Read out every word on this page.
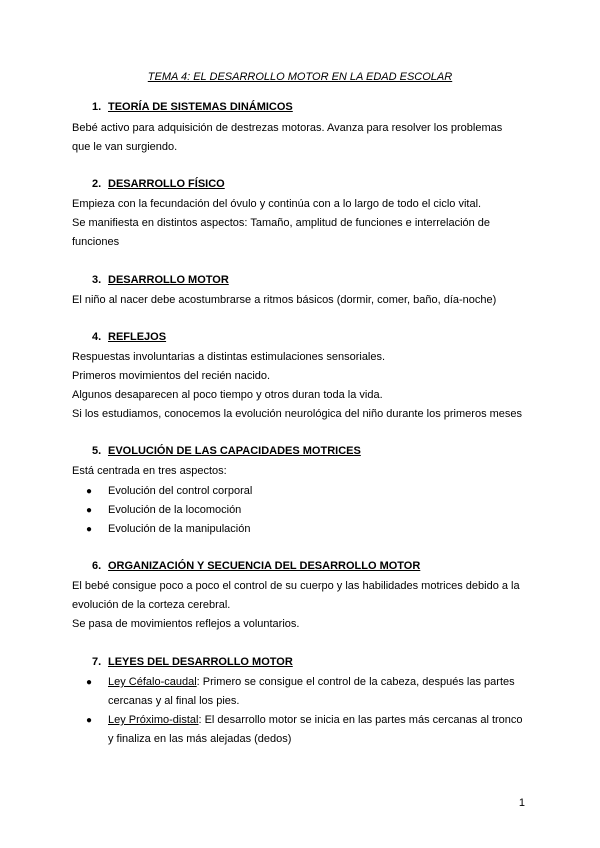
TEMA 4: EL DESARROLLO MOTOR EN LA EDAD ESCOLAR
1. TEORÍA DE SISTEMAS DINÁMICOS
Bebé activo para adquisición de destrezas motoras. Avanza para resolver los problemas
que le van surgiendo.
2. DESARROLLO FÍSICO
Empieza con la fecundación del óvulo y continúa con a lo largo de todo el ciclo vital.
Se manifiesta en distintos aspectos: Tamaño, amplitud de funciones e interrelación de
funciones
3. DESARROLLO MOTOR
El niño al nacer debe acostumbrarse a ritmos básicos (dormir, comer, baño, día-noche)
4. REFLEJOS
Respuestas involuntarias a distintas estimulaciones sensoriales.
Primeros movimientos del recién nacido.
Algunos desaparecen al poco tiempo y otros duran toda la vida.
Si los estudiamos, conocemos la evolución neurológica del niño durante los primeros meses
5. EVOLUCIÓN DE LAS CAPACIDADES MOTRICES
Está centrada en tres aspectos:
● Evolución del control corporal
● Evolución de la locomoción
● Evolución de la manipulación
6. ORGANIZACIÓN Y SECUENCIA DEL DESARROLLO MOTOR
El bebé consigue poco a poco el control de su cuerpo y las habilidades motrices debido a la
evolución de la corteza cerebral.
Se pasa de movimientos reflejos a voluntarios.
7. LEYES DEL DESARROLLO MOTOR
● Ley Céfalo-caudal: Primero se consigue el control de la cabeza, después las partes
cercanas y al final los pies.
● Ley Próximo-distal: El desarrollo motor se inicia en las partes más cercanas al tronco
y finaliza en las más alejadas (dedos)
1
